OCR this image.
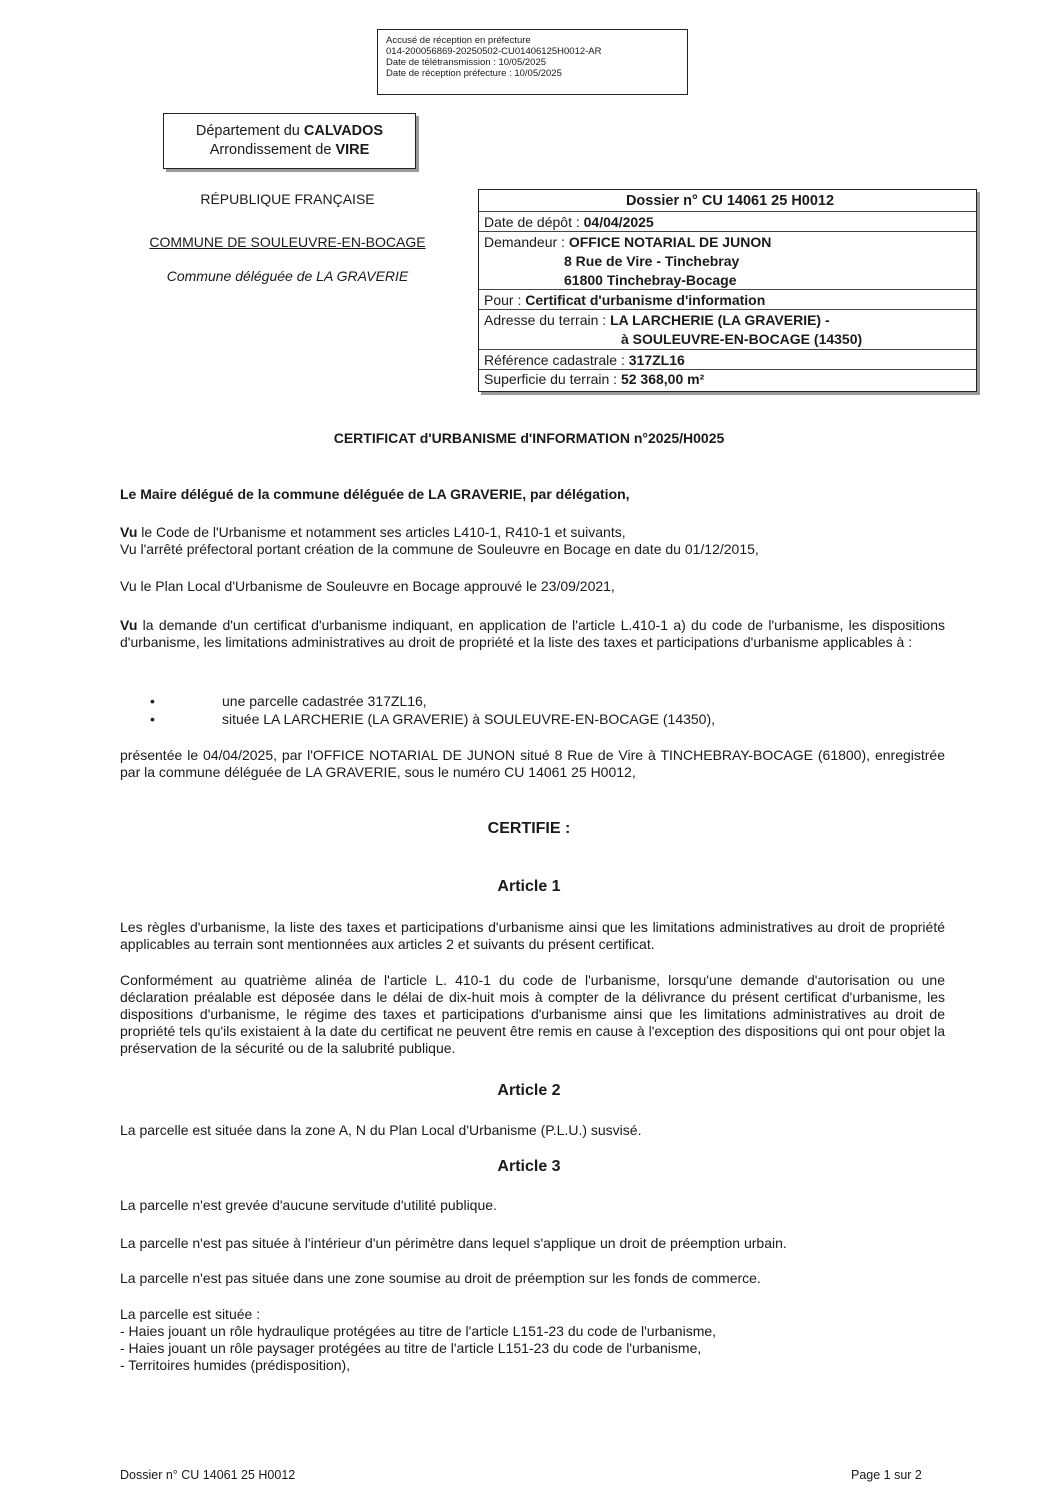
Accusé de réception en préfecture
014-200056869-20250502-CU01406125H0012-AR
Date de télétransmission : 10/05/2025
Date de réception préfecture : 10/05/2025
Département du CALVADOS
Arrondissement de VIRE
RÉPUBLIQUE FRANÇAISE
COMMUNE DE SOULEUVRE-EN-BOCAGE
Commune déléguée de LA GRAVERIE
Dossier n° CU 14061 25 H0012
Date de dépôt : 04/04/2025
Demandeur : OFFICE NOTARIAL DE JUNON
8 Rue de Vire - Tinchebray
61800 Tinchebray-Bocage
Pour : Certificat d'urbanisme d'information
Adresse du terrain : LA LARCHERIE (LA GRAVERIE) -
à SOULEUVRE-EN-BOCAGE (14350)
Référence cadastrale : 317ZL16
Superficie du terrain : 52 368,00 m²
CERTIFICAT d'URBANISME d'INFORMATION n°2025/H0025
Le Maire délégué de la commune déléguée de LA GRAVERIE, par délégation,
Vu le Code de l'Urbanisme et notamment ses articles L410-1, R410-1 et suivants,
Vu l'arrêté préfectoral portant création de la commune de Souleuvre en Bocage en date du 01/12/2015,
Vu le Plan Local d'Urbanisme de Souleuvre en Bocage approuvé le 23/09/2021,
Vu la demande d'un certificat d'urbanisme indiquant, en application de l'article L.410-1 a) du code de l'urbanisme, les dispositions d'urbanisme, les limitations administratives au droit de propriété et la liste des taxes et participations d'urbanisme applicables à :
•	une parcelle cadastrée 317ZL16,
•	située LA LARCHERIE (LA GRAVERIE) à SOULEUVRE-EN-BOCAGE (14350),
présentée le 04/04/2025, par l'OFFICE NOTARIAL DE JUNON situé 8 Rue de Vire à TINCHEBRAY-BOCAGE (61800), enregistrée par la commune déléguée de LA GRAVERIE, sous le numéro CU 14061 25 H0012,
CERTIFIE :
Article 1
Les règles d'urbanisme, la liste des taxes et participations d'urbanisme ainsi que les limitations administratives au droit de propriété applicables au terrain sont mentionnées aux articles 2 et suivants du présent certificat.
Conformément au quatrième alinéa de l'article L. 410-1 du code de l'urbanisme, lorsqu'une demande d'autorisation ou une déclaration préalable est déposée dans le délai de dix-huit mois à compter de la délivrance du présent certificat d'urbanisme, les dispositions d'urbanisme, le régime des taxes et participations d'urbanisme ainsi que les limitations administratives au droit de propriété tels qu'ils existaient à la date du certificat ne peuvent être remis en cause à l'exception des dispositions qui ont pour objet la préservation de la sécurité ou de la salubrité publique.
Article 2
La parcelle est située dans la zone A, N du Plan Local d'Urbanisme (P.L.U.) susvisé.
Article 3
La parcelle n'est grevée d'aucune servitude d'utilité publique.
La parcelle n'est pas située à l'intérieur d'un périmètre dans lequel s'applique un droit de préemption urbain.
La parcelle n'est pas située dans une zone soumise au droit de préemption sur les fonds de commerce.
La parcelle est située :
- Haies jouant un rôle hydraulique protégées au titre de l'article L151-23 du code de l'urbanisme,
- Haies jouant un rôle paysager protégées au titre de l'article L151-23 du code de l'urbanisme,
- Territoires humides (prédisposition),
Dossier n° CU 14061 25 H0012	Page 1 sur 2
